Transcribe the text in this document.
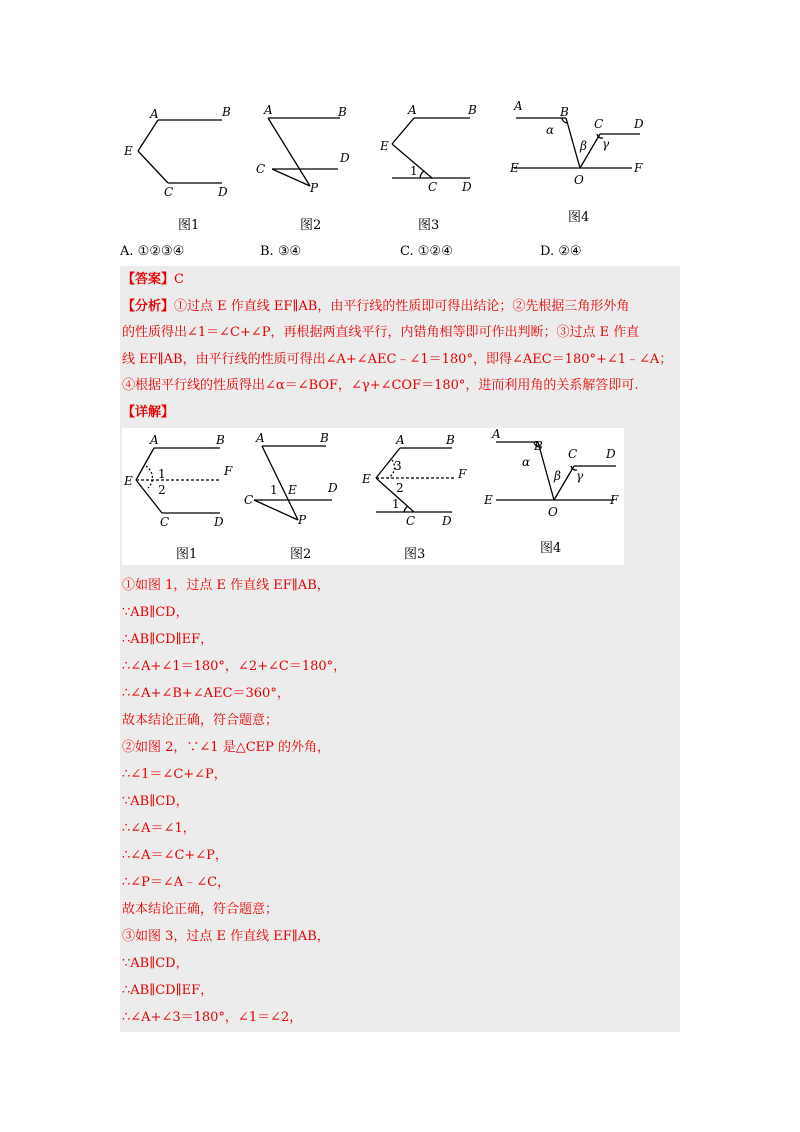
A	B
E
C	D
图1
A	B
C
D
P
图2
A	B
E
1
C D
图3
A	B
α	C	D
β γ
E	F
O
图4
A. ①②③④	B. ③④	C. ①②④	D. ②④
【答案】C
【分析】①过点 E 作直线 EF∥AB，由平行线的性质即可得出结论；②先根据三角形外角
的性质得出∠1＝∠C+∠P，再根据两直线平行，内错角相等即可作出判断；③过点 E 作直
线 EF∥AB，由平行线的性质可得出∠A+∠AEC﹣∠1＝180°，即得∠AEC＝180°+∠1﹣∠A；
④根据平行线的性质得出∠α＝∠BOF，∠γ+∠COF＝180°，进而利用角的关系解答即可.
【详解】
A	B
E 1
2
F
C	D
图1
A	B
C
1 E	D
P
图2
A	B
E
3
2
F
1
C D
图3
A
B
α
C D
β γ
E	F
O
图4
①如图 1，过点 E 作直线 EF∥AB，
∵AB∥CD，
∴AB∥CD∥EF，
∴∠A+∠1＝180°，∠2+∠C＝180°，
∴∠A+∠B+∠AEC＝360°，
故本结论正确，符合题意；
②如图 2，∵∠1 是△CEP 的外角，
∴∠1＝∠C+∠P，
∵AB∥CD，
∴∠A＝∠1，
∴∠A＝∠C+∠P，
∴∠P＝∠A﹣∠C，
故本结论正确，符合题意；
③如图 3，过点 E 作直线 EF∥AB，
∵AB∥CD，
∴AB∥CD∥EF，
∴∠A+∠3＝180°，∠1＝∠2，
